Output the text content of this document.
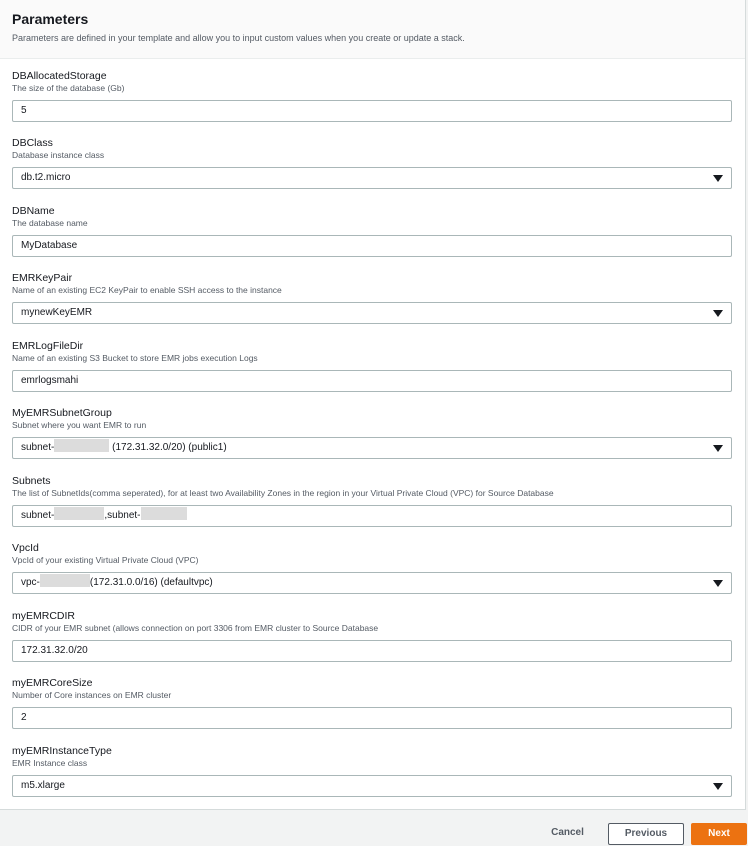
Parameters
Parameters are defined in your template and allow you to input custom values when you create or update a stack.
DBAllocatedStorage
The size of the database (Gb)
5
DBClass
Database instance class
db.t2.micro
DBName
The database name
MyDatabase
EMRKeyPair
Name of an existing EC2 KeyPair to enable SSH access to the instance
mynewKeyEMR
EMRLogFileDir
Name of an existing S3 Bucket to store EMR jobs execution Logs
emrlogsmahi
MyEMRSubnetGroup
Subnet where you want EMR to run
subnet-	(172.31.32.0/20) (public1)
Subnets
The list of SubnetIds(comma seperated), for at least two Availability Zones in the region in your Virtual Private Cloud (VPC) for Source Database
subnet-	,subnet-
VpcId
VpcId of your existing Virtual Private Cloud (VPC)
vpc-	(172.31.0.0/16) (defaultvpc)
myEMRCDIR
CIDR of your EMR subnet (allows connection on port 3306 from EMR cluster to Source Database
172.31.32.0/20
myEMRCoreSize
Number of Core instances on EMR cluster
2
myEMRInstanceType
EMR Instance class
m5.xlarge
Cancel	Previous	Next
